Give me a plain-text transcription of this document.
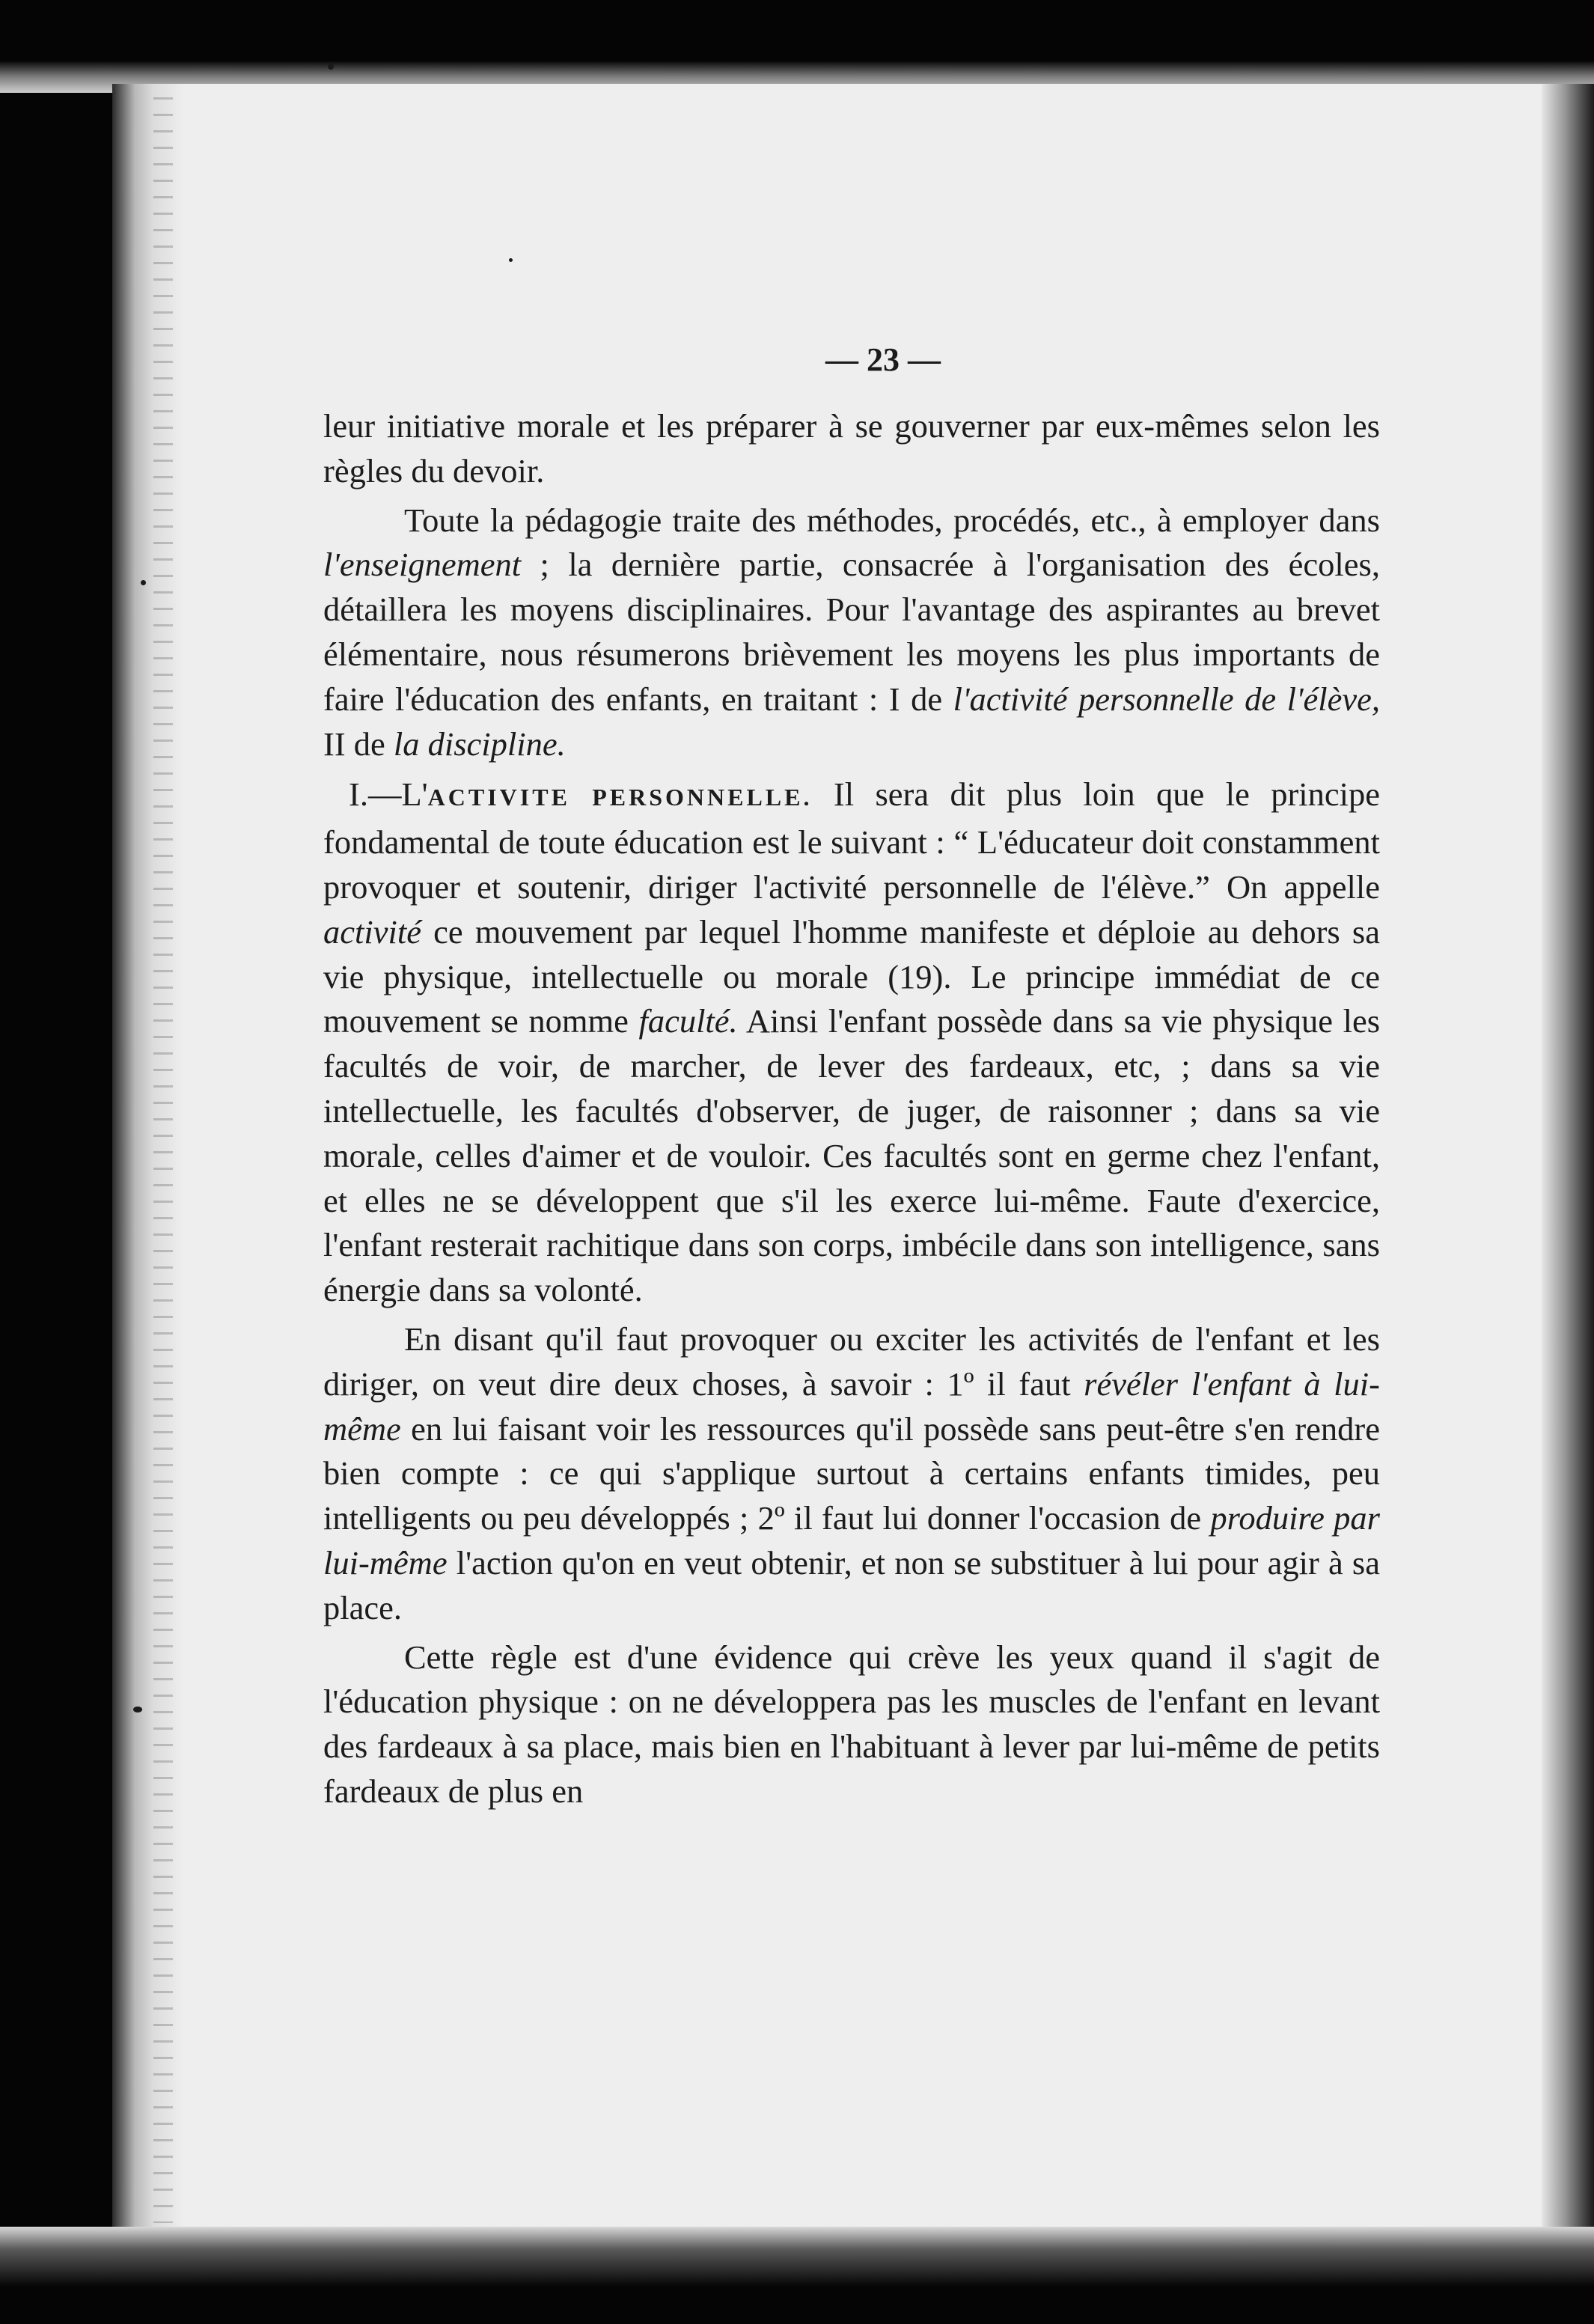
— 23 —

leur initiative morale et les préparer à se gouverner par eux-mêmes selon les règles du devoir.

Toute la pédagogie traite des méthodes, procédés, etc., à employer dans l'enseignement ; la dernière partie, consacrée à l'organisation des écoles, détaillera les moyens disciplinaires. Pour l'avantage des aspirantes au brevet élémentaire, nous résumerons brièvement les moyens les plus importants de faire l'éducation des enfants, en traitant : I de l'activité personnelle de l'élève, II de la discipline.

I.—L'ACTIVITE PERSONNELLE. Il sera dit plus loin que le principe fondamental de toute éducation est le suivant : “ L'éducateur doit constamment provoquer et soutenir, diriger l'activité personnelle de l'élève.” On appelle activité ce mouvement par lequel l'homme manifeste et déploie au dehors sa vie physique, intellectuelle ou morale (19). Le principe immédiat de ce mouvement se nomme faculté. Ainsi l'enfant possède dans sa vie physique les facultés de voir, de marcher, de lever des fardeaux, etc, ; dans sa vie intellectuelle, les facultés d'observer, de juger, de raisonner ; dans sa vie morale, celles d'aimer et de vouloir. Ces facultés sont en germe chez l'enfant, et elles ne se développent que s'il les exerce lui-même. Faute d'exercice, l'enfant resterait rachitique dans son corps, imbécile dans son intelligence, sans énergie dans sa volonté.

En disant qu'il faut provoquer ou exciter les activités de l'enfant et les diriger, on veut dire deux choses, à savoir : 1º il faut révéler l'enfant à lui-même en lui faisant voir les ressources qu'il possède sans peut-être s'en rendre bien compte : ce qui s'applique surtout à certains enfants timides, peu intelligents ou peu développés ; 2º il faut lui donner l'occasion de produire par lui-même l'action qu'on en veut obtenir, et non se substituer à lui pour agir à sa place.

Cette règle est d'une évidence qui crève les yeux quand il s'agit de l'éducation physique : on ne développera pas les muscles de l'enfant en levant des fardeaux à sa place, mais bien en l'habituant à lever par lui-même de petits fardeaux de plus en
